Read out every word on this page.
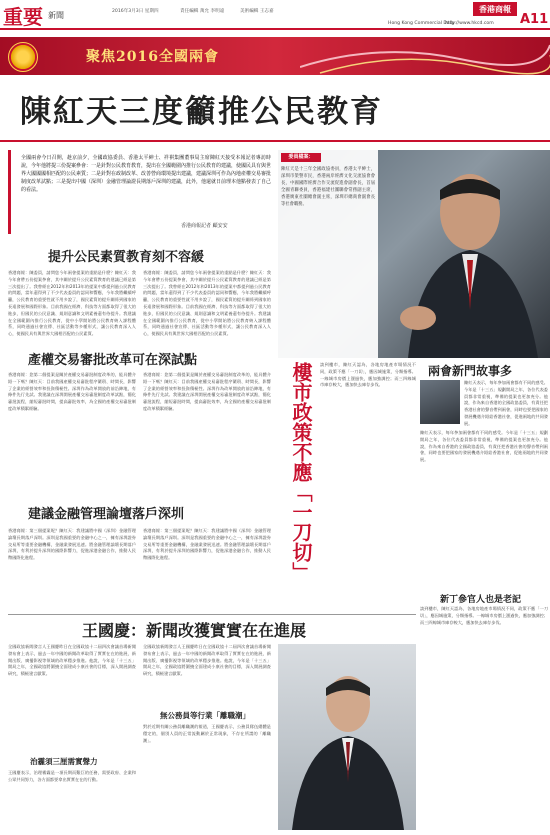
重要 新聞	2016年3月3日 星期四	責任編輯 萬允 李明遠	美術編輯 王志嘉
Hong Kong Commercial Daily
http://www.hkcd.com
香港商報
A11
聚焦2016全國兩會
陳紅天三度籲推公民教育
全國兩會今日召開，趁京前夕，全國政協委員、香港太平紳士、祥祺集團董事局主席陳紅天接受本報記者專訪時說，今年他將提三份提案參會：一是針對公民教育教育，提出在全國範圍內推行公民教育的建議，使國民具有與世界大國國國相匹配的公民素質；二是針對在政制改革、改善營商環境提出建議，建議深圳可作為內地產權交易審批制度改革試點；三是提出中國（深圳）金融管理論證長期落戶深圳的建議，此外，他還就日前理本他點發表了自己的看法。
香港商報記者 顧安安
提升公民素質教育刻不容緩
香港商報：陳委員，請問您今年兩會提案的重點是什麼？陳紅天：我今年會帶五份提案參會，其中關於提升公民素質教育的建議已經是第三次提出了。我曾經在2012年和2013年的提案中都提到過公民教育的問題，當年還得到了不少代表委員的認同和響應，今年我將繼續呼籲，公民教育的重要性就不用多說了，國民素質的提升關係到國家的長遠發展和國際形象。目前我國在經濟、科技等方面都取得了很大的進步，但國民的公民意識、規則意識和文明素養還有待提升。我建議在全國範圍內推行公民教育，從中小學開始將公民教育納入課程體系，同時通過社會宣傳、社區活動等多種形式，讓公民教育深入人心，使國民具有與世界大國相匹配的公民素質。
香港商報：陳委員，請問您今年兩會提案的重點是什麼？陳紅天：我今年會帶五份提案參會，其中關於提升公民素質教育的建議已經是第三次提出了。我曾經在2012年和2013年的提案中都提到過公民教育的問題，當年還得到了不少代表委員的認同和響應，今年我將繼續呼籲，公民教育的重要性就不用多說了，國民素質的提升關係到國家的長遠發展和國際形象。目前我國在經濟、科技等方面都取得了很大的進步，但國民的公民意識、規則意識和文明素養還有待提升。我建議在全國範圍內推行公民教育，從中小學開始將公民教育納入課程體系，同時通過社會宣傳、社區活動等多種形式，讓公民教育深入人心，使國民具有與世界大國相匹配的公民素質。
產權交易審批改革可在深試點
香港商報：您第二個提案是關於產權交易審批制度改革的，能具體介紹一下嗎？陳紅天：目前我國產權交易審批程序繁瑣、時間長，影響了企業的經營效率和投資積極性。深圳作為改革開放的前沿陣地，有條件先行先試。我建議在深圳開展產權交易審批制度改革試點，簡化審批流程，縮短審批時間，提高審批效率，為全國的產權交易審批制度改革積累經驗。
香港商報：您第二個提案是關於產權交易審批制度改革的，能具體介紹一下嗎？陳紅天：目前我國產權交易審批程序繁瑣、時間長，影響了企業的經營效率和投資積極性。深圳作為改革開放的前沿陣地，有條件先行先試。我建議在深圳開展產權交易審批制度改革試點，簡化審批流程，縮短審批時間，提高審批效率，為全國的產權交易審批制度改革積累經驗。
建議金融管理論壇落戶深圳
香港商報：第三個提案呢？陳紅天：我建議將中國（深圳）金融管理論壇長期落戶深圳。深圳是我國重要的金融中心之一，擁有深圳證券交易所等重要金融機構，金融業發展迅速。將金融管理論壇長期落戶深圳，有利於提升深圳的國際影響力，促進深港金融合作，推動人民幣國際化進程。
香港商報：第三個提案呢？陳紅天：我建議將中國（深圳）金融管理論壇長期落戶深圳。深圳是我國重要的金融中心之一，擁有深圳證券交易所等重要金融機構，金融業發展迅速。將金融管理論壇長期落戶深圳，有利於提升深圳的國際影響力，促進深港金融合作，推動人民幣國際化進程。
委員檔案：
陳紅天是十三年全國政協委員，香港太平紳士，深圳市榮譽市民，香港兩岸經濟文化交流協會會長，中國國際經濟合作交流促進會副會長，首屆全國青聯委員，香港福建社團聯會常務副主席，香港廣東社團總會副主席，深圳市總商會副會長等社會職務。
樓市政策不應「一刀切」	談到樓市，陳紅天認為，各地房地產市場情況不同，政策不應「一刀切」，應因城施策，分類指導。一線城市房價上漲過快，應加強調控；而三四線城市庫存較大，應加快去庫存步伐。
兩會新門故事多
陳紅天表示，每年參加兩會都有不同的感受。今年是「十三五」規劃開局之年，各位代表委員都非常重視，準備的提案也更加充分。他說，作為來自香港的全國政協委員，有責任把香港社會的聲音帶到兩會，同時也要把國家的發展機遇介紹給香港社會，促進兩地的共同發展。
陳紅天表示，每年參加兩會都有不同的感受。今年是「十三五」規劃開局之年，各位代表委員都非常重視，準備的提案也更加充分。他說，作為來自香港的全國政協委員，有責任把香港社會的聲音帶到兩會，同時也要把國家的發展機遇介紹給香港社會，促進兩地的共同發展。
新丁參官人也是老記
談到樓市，陳紅天認為，各地房地產市場情況不同，政策不應「一刀切」，應因城施策，分類指導。一線城市房價上漲過快，應加強調控；而三四線城市庫存較大，應加快去庫存步伐。
王國慶：新聞改獲實實在在進展
全國政協新聞發言人王國慶昨日在全國政協十二屆四次會議首場新聞發布會上表示，過去一年中國的新聞改革取得了實實在在的進展，新聞出版、廣播影視等領域的改革穩步推進。他說，今年是「十三五」開局之年，全國政協將圍繞全面建成小康社會的目標，深入開展調查研究，積極建言獻策。
治霾須三厘需實聲力
王國慶表示，治理霧霾是一項長期而艱巨的任務，需要政府、企業和公眾共同努力，各方面都要拿出實實在在的行動。
全國政協新聞發言人王國慶昨日在全國政協十二屆四次會議首場新聞發布會上表示，過去一年中國的新聞改革取得了實實在在的進展，新聞出版、廣播影視等領域的改革穩步推進。他說，今年是「十三五」開局之年，全國政協將圍繞全面建成小康社會的目標，深入開展調查研究，積極建言獻策。
無公務員等行業「離職潮」
對於近期有關公務員離職潮的報道，王國慶表示，公務員隊伍總體是穩定的，個別人員的正常流動屬於正常現象，不存在所謂的「離職潮」。
